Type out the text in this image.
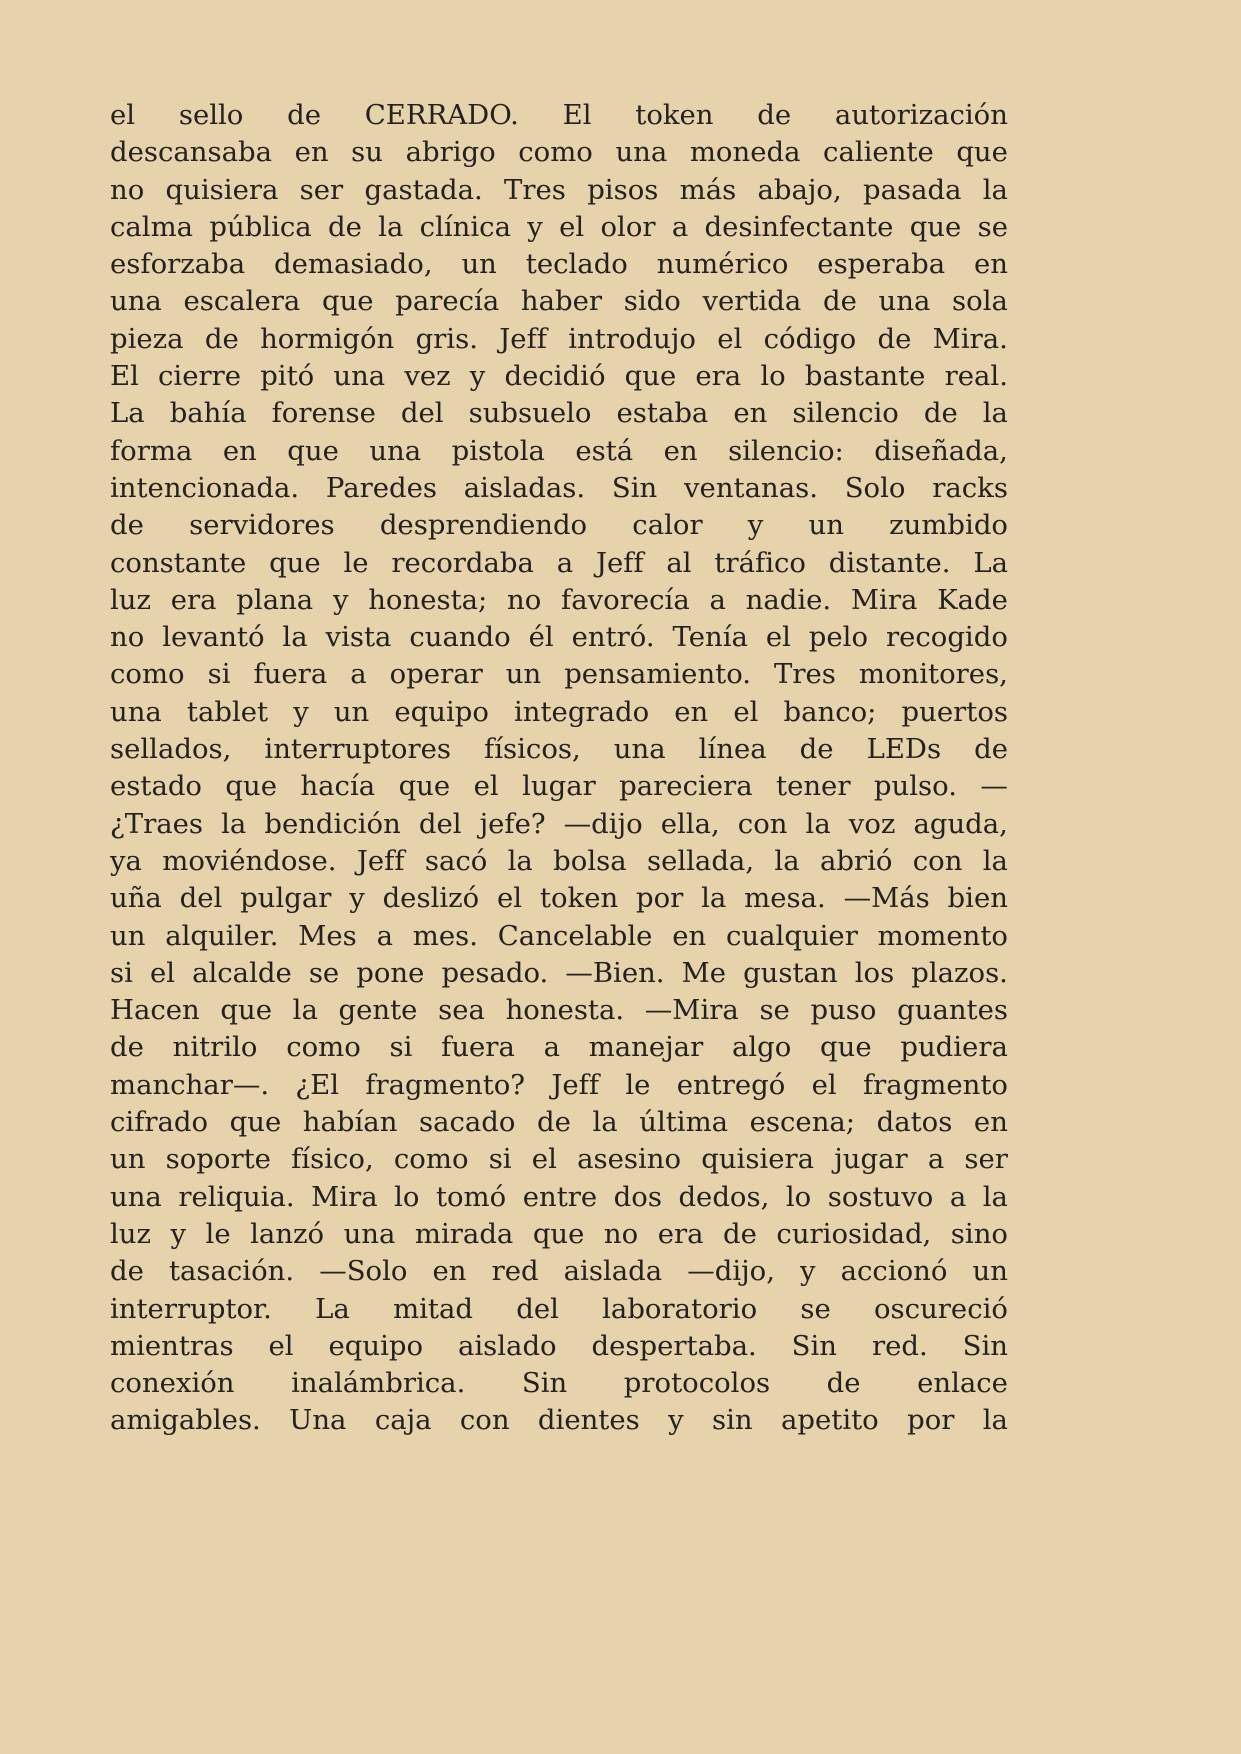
el sello de CERRADO. El token de autorización
descansaba en su abrigo como una moneda caliente que
no quisiera ser gastada. Tres pisos más abajo, pasada la
calma pública de la clínica y el olor a desinfectante que se
esforzaba demasiado, un teclado numérico esperaba en
una escalera que parecía haber sido vertida de una sola
pieza de hormigón gris. Jeff introdujo el código de Mira.
El cierre pitó una vez y decidió que era lo bastante real.
La bahía forense del subsuelo estaba en silencio de la
forma en que una pistola está en silencio: diseñada,
intencionada. Paredes aisladas. Sin ventanas. Solo racks
de servidores desprendiendo calor y un zumbido
constante que le recordaba a Jeff al tráfico distante. La
luz era plana y honesta; no favorecía a nadie. Mira Kade
no levantó la vista cuando él entró. Tenía el pelo recogido
como si fuera a operar un pensamiento. Tres monitores,
una tablet y un equipo integrado en el banco; puertos
sellados, interruptores físicos, una línea de LEDs de
estado que hacía que el lugar pareciera tener pulso. —
¿Traes la bendición del jefe? —dijo ella, con la voz aguda,
ya moviéndose. Jeff sacó la bolsa sellada, la abrió con la
uña del pulgar y deslizó el token por la mesa. —Más bien
un alquiler. Mes a mes. Cancelable en cualquier momento
si el alcalde se pone pesado. —Bien. Me gustan los plazos.
Hacen que la gente sea honesta. —Mira se puso guantes
de nitrilo como si fuera a manejar algo que pudiera
manchar—. ¿El fragmento? Jeff le entregó el fragmento
cifrado que habían sacado de la última escena; datos en
un soporte físico, como si el asesino quisiera jugar a ser
una reliquia. Mira lo tomó entre dos dedos, lo sostuvo a la
luz y le lanzó una mirada que no era de curiosidad, sino
de tasación. —Solo en red aislada —dijo, y accionó un
interruptor. La mitad del laboratorio se oscureció
mientras el equipo aislado despertaba. Sin red. Sin
conexión inalámbrica. Sin protocolos de enlace
amigables. Una caja con dientes y sin apetito por la
